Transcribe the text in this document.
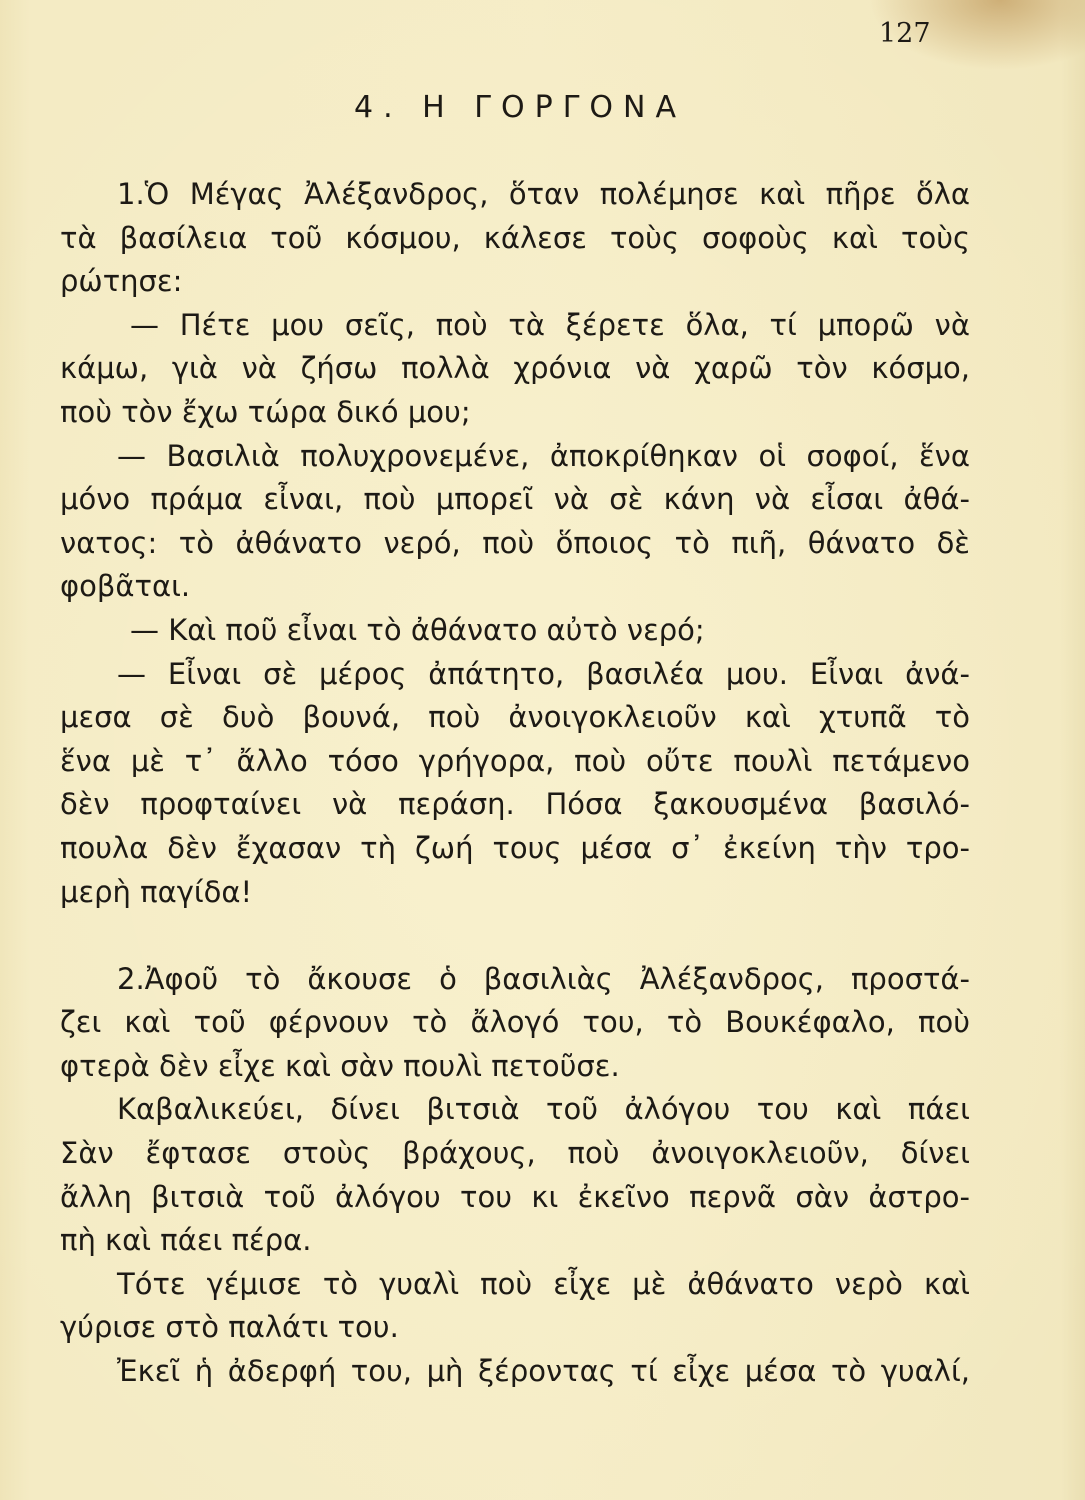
127
4. Η ΓΟΡΓΟΝΑ
1.Ὁ Μέγας Ἀλέξανδρος, ὅταν πολέμησε καὶ πῆρε ὅλα
τὰ βασίλεια τοῦ κόσμου, κάλεσε τοὺς σοφοὺς καὶ τοὺς
ρώτησε:
— Πέτε μου σεῖς, ποὺ τὰ ξέρετε ὅλα, τί μπορῶ νὰ
κάμω, γιὰ νὰ ζήσω πολλὰ χρόνια νὰ χαρῶ τὸν κόσμο,
ποὺ τὸν ἔχω τώρα δικό μου;
— Βασιλιὰ πολυχρονεμένε, ἀποκρίθηκαν οἱ σοφοί, ἕνα
μόνο πράμα εἶναι, ποὺ μπορεῖ νὰ σὲ κάνη νὰ εἶσαι ἀθά-
νατος: τὸ ἀθάνατο νερό, ποὺ ὅποιος τὸ πιῆ, θάνατο δὲ
φοβᾶται.
— Καὶ ποῦ εἶναι τὸ ἀθάνατο αὐτὸ νερό;
— Εἶναι σὲ μέρος ἀπάτητο, βασιλέα μου. Εἶναι ἀνά-
μεσα σὲ δυὸ βουνά, ποὺ ἀνοιγοκλειοῦν καὶ χτυπᾶ τὸ
ἕνα μὲ τ᾿ ἄλλο τόσο γρήγορα, ποὺ οὔτε πουλὶ πετάμενο
δὲν προφταίνει νὰ περάση. Πόσα ξακουσμένα βασιλό-
πουλα δὲν ἔχασαν τὴ ζωή τους μέσα σ᾿ ἐκείνη τὴν τρο-
μερὴ παγίδα!
2.Ἀφοῦ τὸ ἄκουσε ὁ βασιλιὰς Ἀλέξανδρος, προστά-
ζει καὶ τοῦ φέρνουν τὸ ἄλογό του, τὸ Βουκέφαλο, ποὺ
φτερὰ δὲν εἶχε καὶ σὰν πουλὶ πετοῦσε.
Καβαλικεύει, δίνει βιτσιὰ τοῦ ἀλόγου του καὶ πάει
Σὰν ἔφτασε στοὺς βράχους, ποὺ ἀνοιγοκλειοῦν, δίνει
ἄλλη βιτσιὰ τοῦ ἀλόγου του κι ἐκεῖνο περνᾶ σὰν ἀστρο-
πὴ καὶ πάει πέρα.
Τότε γέμισε τὸ γυαλὶ ποὺ εἶχε μὲ ἀθάνατο νερὸ καὶ
γύρισε στὸ παλάτι του.
Ἐκεῖ ἡ ἀδερφή του, μὴ ξέροντας τί εἶχε μέσα τὸ γυαλί,
